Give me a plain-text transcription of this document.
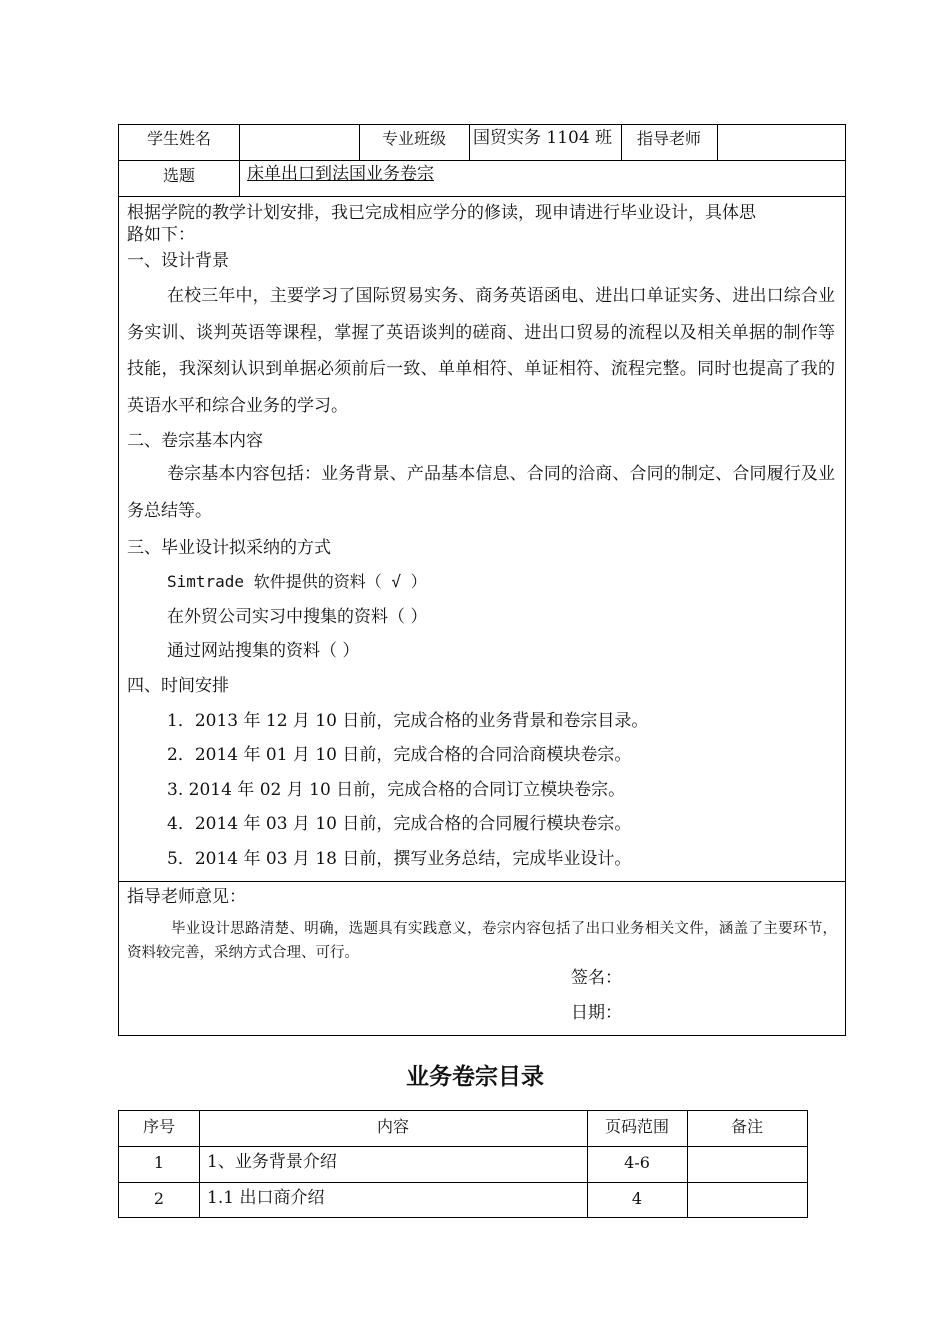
学生姓名	专业班级	国贸实务 1104 班	指导老师
选题	床单出口到法国业务卷宗
根据学院的教学计划安排，我已完成相应学分的修读，现申请进行毕业设计，具体思
路如下：
一、设计背景
在校三年中，主要学习了国际贸易实务、商务英语函电、进出口单证实务、进出口综合业务实训、谈判英语等课程，掌握了英语谈判的磋商、进出口贸易的流程以及相关单据的制作等技能，我深刻认识到单据必须前后一致、单单相符、单证相符、流程完整。同时也提高了我的英语水平和综合业务的学习。
二、卷宗基本内容
卷宗基本内容包括：业务背景、产品基本信息、合同的洽商、合同的制定、合同履行及业务总结等。
三、毕业设计拟采纳的方式
Simtrade 软件提供的资料（ √ ）
在外贸公司实习中搜集的资料（ ）
通过网站搜集的资料（ ）
四、时间安排
1．2013 年 12 月 10 日前，完成合格的业务背景和卷宗目录。
2．2014 年 01 月 10 日前，完成合格的合同洽商模块卷宗。
3. 2014 年 02 月 10 日前，完成合格的合同订立模块卷宗。
4．2014 年 03 月 10 日前，完成合格的合同履行模块卷宗。
5．2014 年 03 月 18 日前，撰写业务总结，完成毕业设计。
指导老师意见：
毕业设计思路清楚、明确，选题具有实践意义，卷宗内容包括了出口业务相关文件，涵盖了主要环节，资料较完善，采纳方式合理、可行。
签名：
日期：
业务卷宗目录
序号	内容	页码范围	备注
1	1、业务背景介绍	4-6
2	1.1 出口商介绍	4
